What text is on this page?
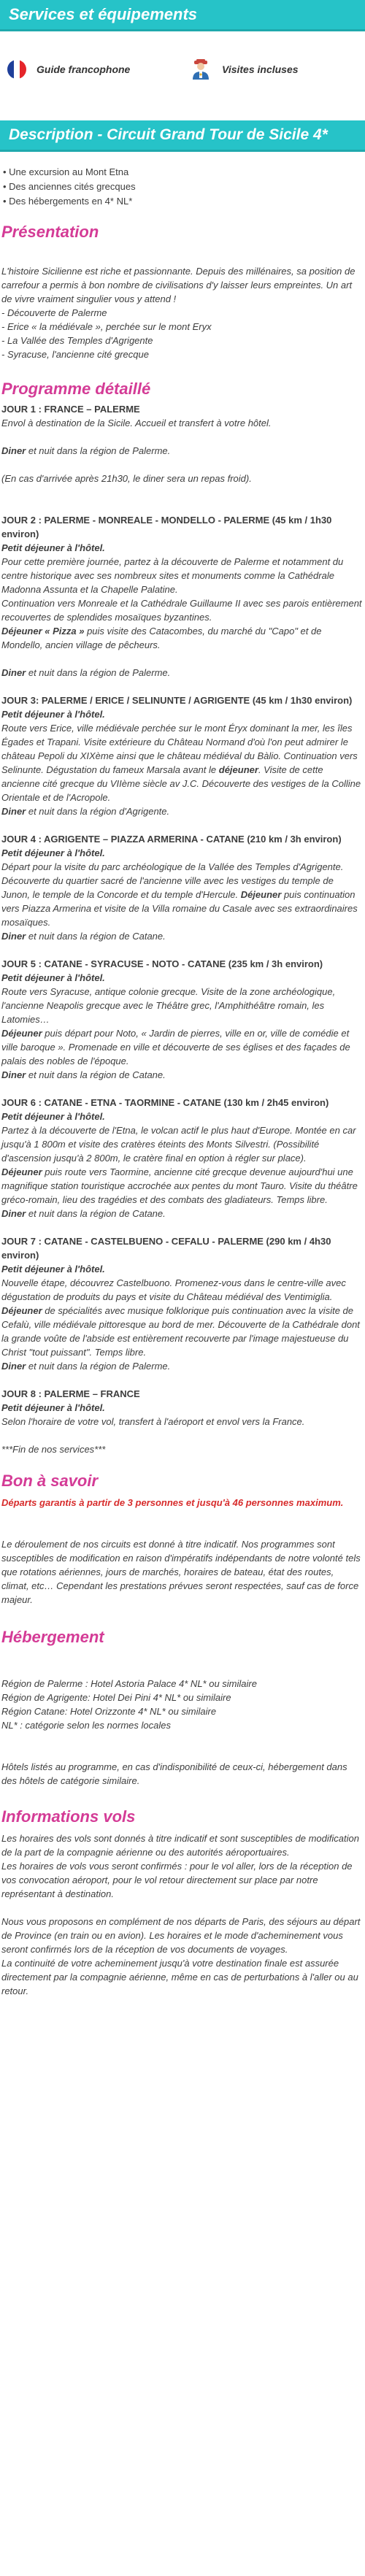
Services et équipements
Guide francophone	Visites incluses
Description - Circuit Grand Tour de Sicile 4*
• Une excursion au Mont Etna
• Des anciennes cités grecques
• Des hébergements en 4* NL*
Présentation
L'histoire Sicilienne est riche et passionnante. Depuis des millénaires, sa position de carrefour a permis à bon nombre de civilisations d'y laisser leurs empreintes. Un art de vivre vraiment singulier vous y attend !
- Découverte de Palerme
- Erice « la médiévale », perchée sur le mont Eryx
- La Vallée des Temples d'Agrigente
- Syracuse, l'ancienne cité grecque
Programme détaillé
JOUR 1 : FRANCE – PALERME

Envol à destination de la Sicile. Accueil et transfert à votre hôtel.

Diner et nuit dans la région de Palerme.

(En cas d'arrivée après 21h30, le diner sera un repas froid).

JOUR 2 : PALERME - MONREALE - MONDELLO - PALERME (45 km / 1h30 environ)

Petit déjeuner à l'hôtel.

Pour cette première journée, partez à la découverte de Palerme et notamment du centre historique avec ses nombreux sites et monuments comme la Cathédrale Madonna Assunta et la Chapelle Palatine.

Continuation vers Monreale et la Cathédrale Guillaume II avec ses parois entièrement recouvertes de splendides mosaïques byzantines.

Déjeuner « Pizza » puis visite des Catacombes, du marché du "Capo" et de Mondello, ancien village de pêcheurs.

Diner et nuit dans la région de Palerme.

JOUR 3: PALERME / ERICE / SELINUNTE / AGRIGENTE (45 km / 1h30 environ)

Petit déjeuner à l'hôtel.

Route vers Erice, ville médiévale perchée sur le mont Éryx dominant la mer, les îles Égades et Trapani. Visite extérieure du Château Normand d'où l'on peut admirer le château Pepoli du XIXème ainsi que le château médiéval du Bàlio. Continuation vers Selinunte. Dégustation du fameux Marsala avant le déjeuner. Visite de cette ancienne cité grecque du VIIème siècle av J.C. Découverte des vestiges de la Colline Orientale et de l'Acropole.

Diner et nuit dans la région d'Agrigente.

JOUR 4 : AGRIGENTE – PIAZZA ARMERINA - CATANE (210 km / 3h environ)

Petit déjeuner à l'hôtel.

Départ pour la visite du parc archéologique de la Vallée des Temples d'Agrigente. Découverte du quartier sacré de l'ancienne ville avec les vestiges du temple de Junon, le temple de la Concorde et du temple d'Hercule. Déjeuner puis continuation vers Piazza Armerina et visite de la Villa romaine du Casale avec ses extraordinaires mosaïques.

Diner et nuit dans la région de Catane.

JOUR 5 : CATANE - SYRACUSE - NOTO - CATANE (235 km / 3h environ)

Petit déjeuner à l'hôtel.

Route vers Syracuse, antique colonie grecque. Visite de la zone archéologique, l'ancienne Neapolis grecque avec le Théâtre grec, l'Amphithéâtre romain, les Latomies…

Déjeuner puis départ pour Noto, « Jardin de pierres, ville en or, ville de comédie et ville baroque ». Promenade en ville et découverte de ses églises et des façades de palais des nobles de l'époque.

Diner et nuit dans la région de Catane.

JOUR 6 : CATANE - ETNA - TAORMINE - CATANE (130 km / 2h45 environ)

Petit déjeuner à l'hôtel.

Partez à la découverte de l'Etna, le volcan actif le plus haut d'Europe. Montée en car jusqu'à 1 800m et visite des cratères éteints des Monts Silvestri. (Possibilité d'ascension jusqu'à 2 800m, le cratère final en option à régler sur place).

Déjeuner puis route vers Taormine, ancienne cité grecque devenue aujourd'hui une magnifique station touristique accrochée aux pentes du mont Tauro. Visite du théâtre gréco-romain, lieu des tragédies et des combats des gladiateurs. Temps libre.

Diner et nuit dans la région de Catane.

JOUR 7 : CATANE - CASTELBUENO - CEFALU - PALERME (290 km / 4h30 environ)

Petit déjeuner à l'hôtel.

Nouvelle étape, découvrez Castelbuono. Promenez-vous dans le centre-ville avec dégustation de produits du pays et visite du Château médiéval des Ventimiglia.

Déjeuner de spécialités avec musique folklorique puis continuation avec la visite de Cefalù, ville médiévale pittoresque au bord de mer. Découverte de la Cathédrale dont la grande voûte de l'abside est entièrement recouverte par l'image majestueuse du Christ "tout puissant". Temps libre.

Diner et nuit dans la région de Palerme.

JOUR 8 : PALERME – FRANCE

Petit déjeuner à l'hôtel.

Selon l'horaire de votre vol, transfert à l'aéroport et envol vers la France.

***Fin de nos services***

Bon à savoir

Départs garantis à partir de 3 personnes et jusqu'à 46 personnes maximum.

Le déroulement de nos circuits est donné à titre indicatif. Nos programmes sont susceptibles de modification en raison d'impératifs indépendants de notre volonté tels que rotations aériennes, jours de marchés, horaires de bateau, état des routes, climat, etc… Cependant les prestations prévues seront respectées, sauf cas de force majeur.

Hébergement
Région de Palerme : Hotel Astoria Palace 4* NL* ou similaire
Région de Agrigente: Hotel Dei Pini 4* NL* ou similaire
Région Catane: Hotel Orizzonte 4* NL* ou similaire
NL* : catégorie selon les normes locales

Hôtels listés au programme, en cas d'indisponibilité de ceux-ci, hébergement dans des hôtels de catégorie similaire.

Informations vols

Les horaires des vols sont donnés à titre indicatif et sont susceptibles de modification de la part de la compagnie aérienne ou des autorités aéroportuaires.

Les horaires de vols vous seront confirmés : pour le vol aller, lors de la réception de vos convocation aéroport, pour le vol retour directement sur place par notre représentant à destination.

Nous vous proposons en complément de nos départs de Paris, des séjours au départ de Province (en train ou en avion). Les horaires et le mode d'acheminement vous seront confirmés lors de la réception de vos documents de voyages.

La continuité de votre acheminement jusqu'à votre destination finale est assurée directement par la compagnie aérienne, même en cas de perturbations à l'aller ou au retour.
